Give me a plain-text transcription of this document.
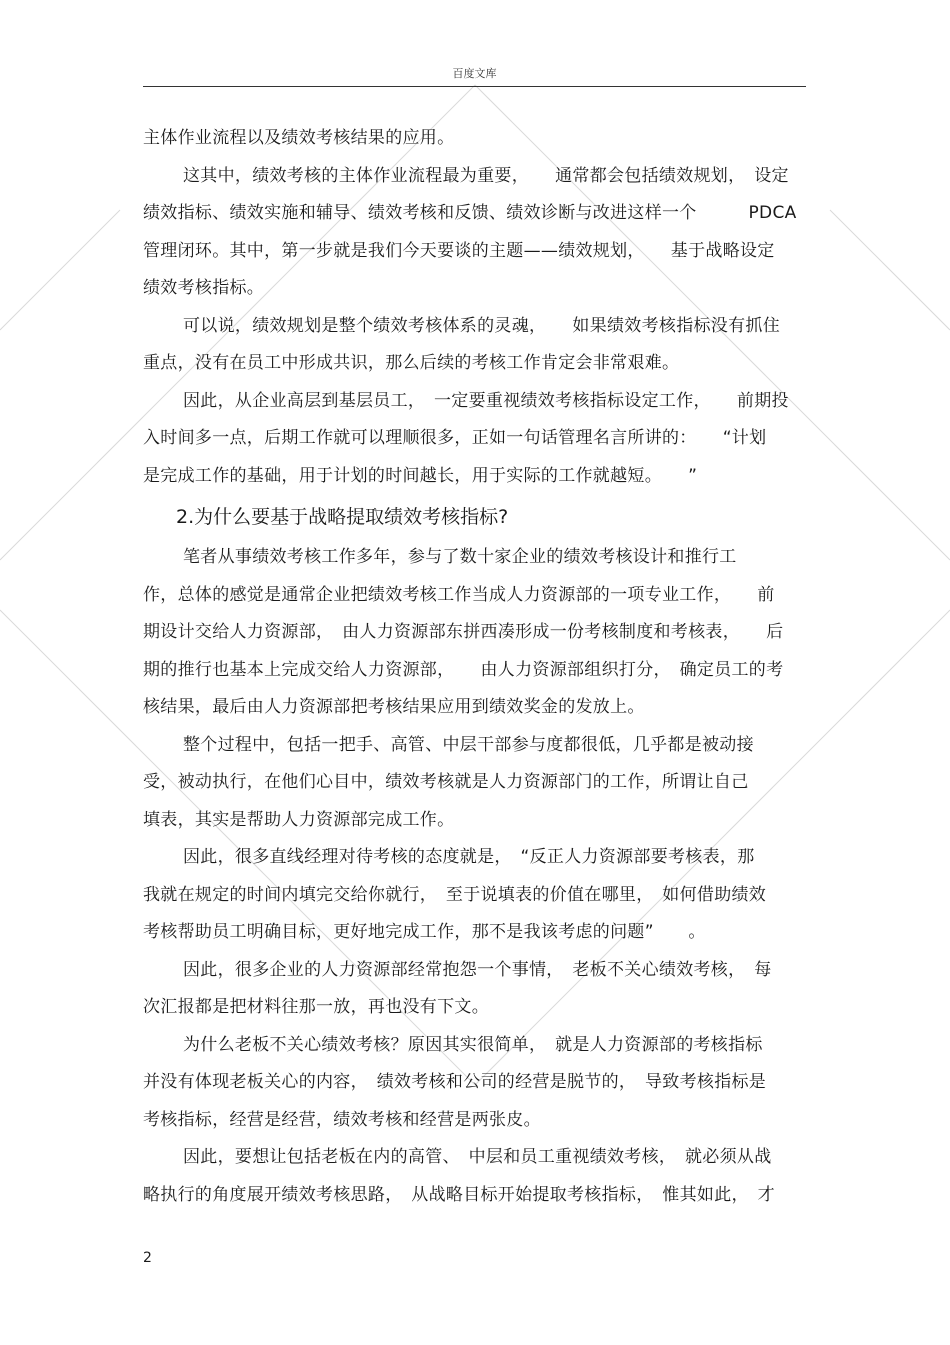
百度文库
主体作业流程以及绩效考核结果的应用。
这其中，绩效考核的主体作业流程最为重要，　　通常都会包括绩效规划，　设定
绩效指标、绩效实施和辅导、绩效考核和反馈、绩效诊断与改进这样一个　　　PDCA
管理闭环。其中，第一步就是我们今天要谈的主题——绩效规划，　　基于战略设定
绩效考核指标。
可以说，绩效规划是整个绩效考核体系的灵魂，　　如果绩效考核指标没有抓住
重点，没有在员工中形成共识，那么后续的考核工作肯定会非常艰难。
因此，从企业高层到基层员工，　一定要重视绩效考核指标设定工作，　　前期投
入时间多一点，后期工作就可以理顺很多，正如一句话管理名言所讲的：　　“计划
是完成工作的基础，用于计划的时间越长，用于实际的工作就越短。　　”
2.为什么要基于战略提取绩效考核指标?
笔者从事绩效考核工作多年，参与了数十家企业的绩效考核设计和推行工
作，总体的感觉是通常企业把绩效考核工作当成人力资源部的一项专业工作，　　前
期设计交给人力资源部，　由人力资源部东拼西凑形成一份考核制度和考核表，　　后
期的推行也基本上完成交给人力资源部，　　由人力资源部组织打分，　确定员工的考
核结果，最后由人力资源部把考核结果应用到绩效奖金的发放上。
整个过程中，包括一把手、高管、中层干部参与度都很低，几乎都是被动接
受，被动执行，在他们心目中，绩效考核就是人力资源部门的工作，所谓让自己
填表，其实是帮助人力资源部完成工作。
因此，很多直线经理对待考核的态度就是，　“反正人力资源部要考核表，那
我就在规定的时间内填完交给你就行，　至于说填表的价值在哪里，　如何借助绩效
考核帮助员工明确目标，更好地完成工作，那不是我该考虑的问题”　　。
因此，很多企业的人力资源部经常抱怨一个事情，　老板不关心绩效考核，　每
次汇报都是把材料往那一放，再也没有下文。
为什么老板不关心绩效考核？原因其实很简单，　就是人力资源部的考核指标
并没有体现老板关心的内容，　绩效考核和公司的经营是脱节的，　导致考核指标是
考核指标，经营是经营，绩效考核和经营是两张皮。
因此，要想让包括老板在内的高管、　中层和员工重视绩效考核，　就必须从战
略执行的角度展开绩效考核思路，　从战略目标开始提取考核指标，　惟其如此，　才
2
